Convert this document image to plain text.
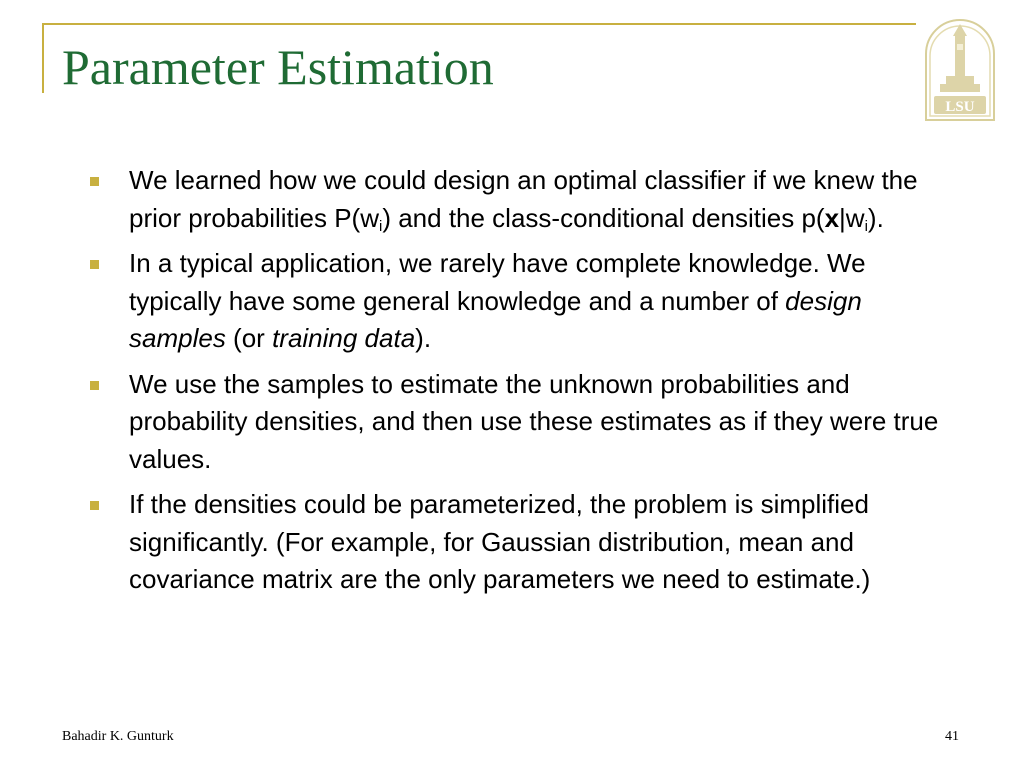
Parameter Estimation
LSU
We learned how we could design an optimal classifier if we knew the prior probabilities $P(w_i)$ and the class-conditional densities $p(x|w_i)$.
In a typical application, we rarely have complete knowledge. We typically have some general knowledge and a number of design samples (or training data).
We use the samples to estimate the unknown probabilities and probability densities, and then use these estimates as if they were true values.
If the densities could be parameterized, the problem is simplified significantly. (For example, for Gaussian distribution, mean and covariance matrix are the only parameters we need to estimate.)
Bahadir K. Gunturk	41
